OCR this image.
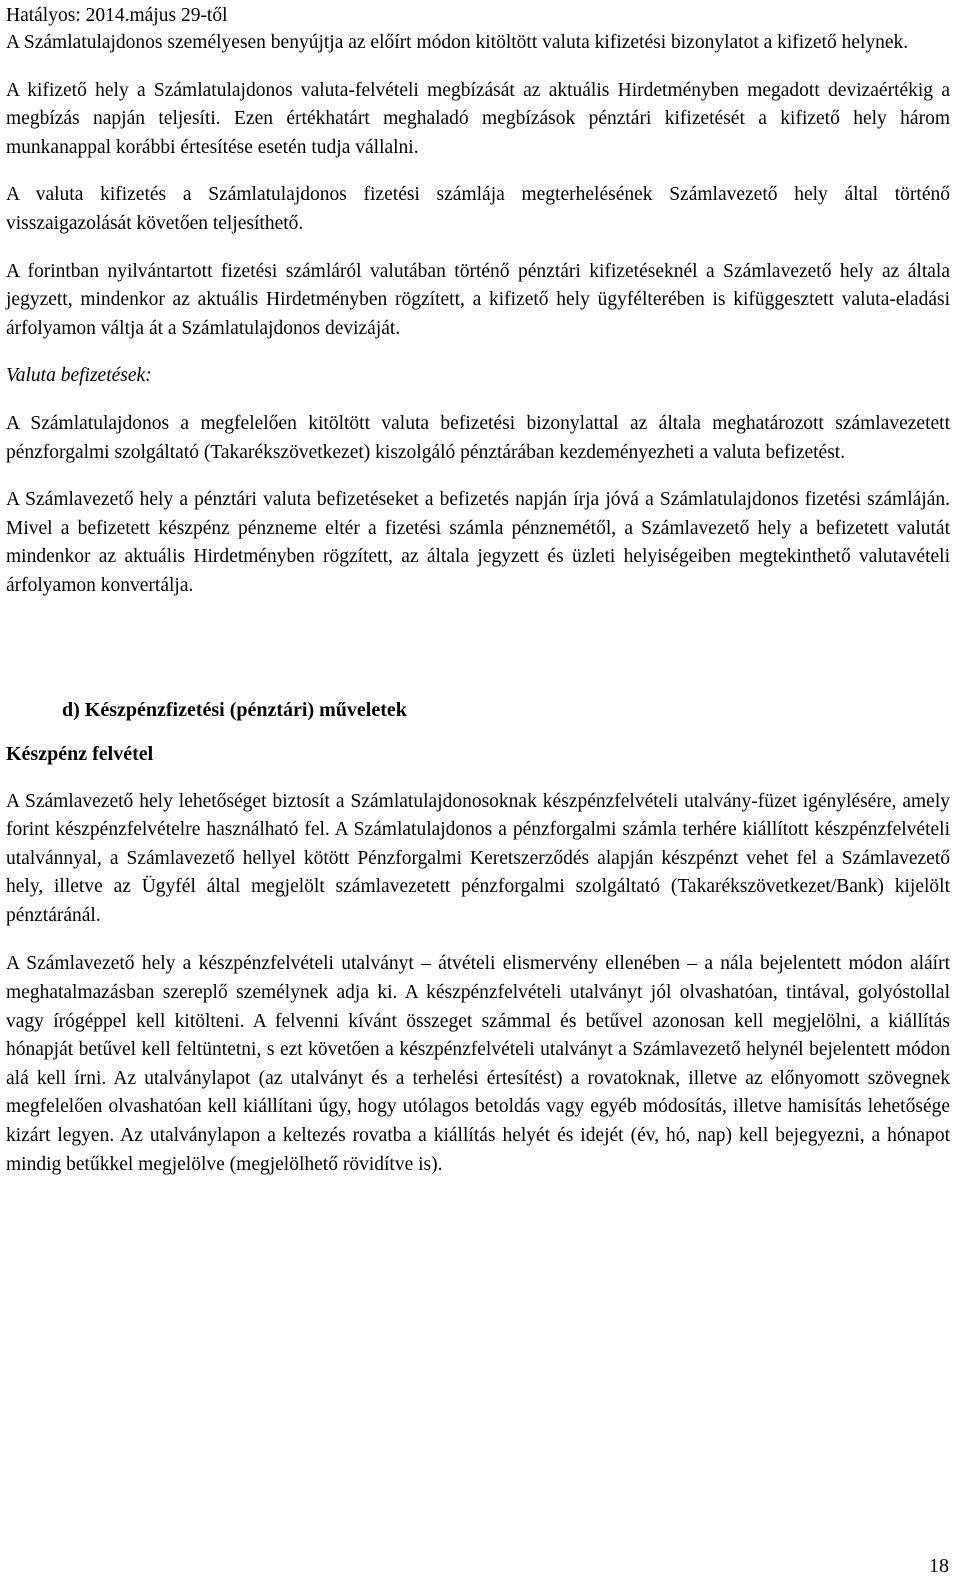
Hatályos: 2014.május 29-től

A Számlatulajdonos személyesen benyújtja az előírt módon kitöltött valuta kifizetési bizonylatot a kifizető helynek.

A kifizető hely a Számlatulajdonos valuta-felvételi megbízását az aktuális Hirdetményben megadott devizaértékig a megbízás napján teljesíti. Ezen értékhatárt meghaladó megbízások pénztári kifizetését a kifizető hely három munkanappal korábbi értesítése esetén tudja vállalni.

A valuta kifizetés a Számlatulajdonos fizetési számlája megterhelésének Számlavezető hely által történő visszaigazolását követően teljesíthető.

A forintban nyilvántartott fizetési számláról valutában történő pénztári kifizetéseknél a Számlavezető hely az általa jegyzett, mindenkor az aktuális Hirdetményben rögzített, a kifizető hely ügyfélterében is kifüggesztett valuta-eladási árfolyamon váltja át a Számlatulajdonos devizáját.

Valuta befizetések:

A Számlatulajdonos a megfelelően kitöltött valuta befizetési bizonylattal az általa meghatározott számlavezetett pénzforgalmi szolgáltató (Takarékszövetkezet) kiszolgáló pénztárában kezdeményezheti a valuta befizetést.

A Számlavezető hely a pénztári valuta befizetéseket a befizetés napján írja jóvá a Számlatulajdonos fizetési számláján. Mivel a befizetett készpénz pénzneme eltér a fizetési számla pénznemétől, a Számlavezető hely a befizetett valutát mindenkor az aktuális Hirdetményben rögzített, az általa jegyzett és üzleti helyiségeiben megtekinthető valutavételi árfolyamon konvertálja.

d) Készpénzfizetési (pénztári) műveletek
Készpénz felvétel

A Számlavezető hely lehetőséget biztosít a Számlatulajdonosoknak készpénzfelvételi utalvány-füzet igénylésére, amely forint készpénzfelvételre használható fel. A Számlatulajdonos a pénzforgalmi számla terhére kiállított készpénzfelvételi utalvánnyal, a Számlavezető hellyel kötött Pénzforgalmi Keretszerződés alapján készpénzt vehet fel a Számlavezető hely, illetve az Ügyfél által megjelölt számlavezetett pénzforgalmi szolgáltató (Takarékszövetkezet/Bank) kijelölt pénztáránál.

A Számlavezető hely a készpénzfelvételi utalványt – átvételi elismervény ellenében – a nála bejelentett módon aláírt meghatalmazásban szereplő személynek adja ki. A készpénzfelvételi utalványt jól olvashatóan, tintával, golyóstollal vagy írógéppel kell kitölteni. A felvenni kívánt összeget számmal és betűvel azonosan kell megjelölni, a kiállítás hónapját betűvel kell feltüntetni, s ezt követően a készpénzfelvételi utalványt a Számlavezető helynél bejelentett módon alá kell írni. Az utalványlapot (az utalványt és a terhelési értesítést) a rovatoknak, illetve az előnyomott szövegnek megfelelően olvashatóan kell kiállítani úgy, hogy utólagos betoldás vagy egyéb módosítás, illetve hamisítás lehetősége kizárt legyen. Az utalványlapon a keltezés rovatba a kiállítás helyét és idejét (év, hó, nap) kell bejegyezni, a hónapot mindig betűkkel megjelölve (megjelölhető rövidítve is).

18
